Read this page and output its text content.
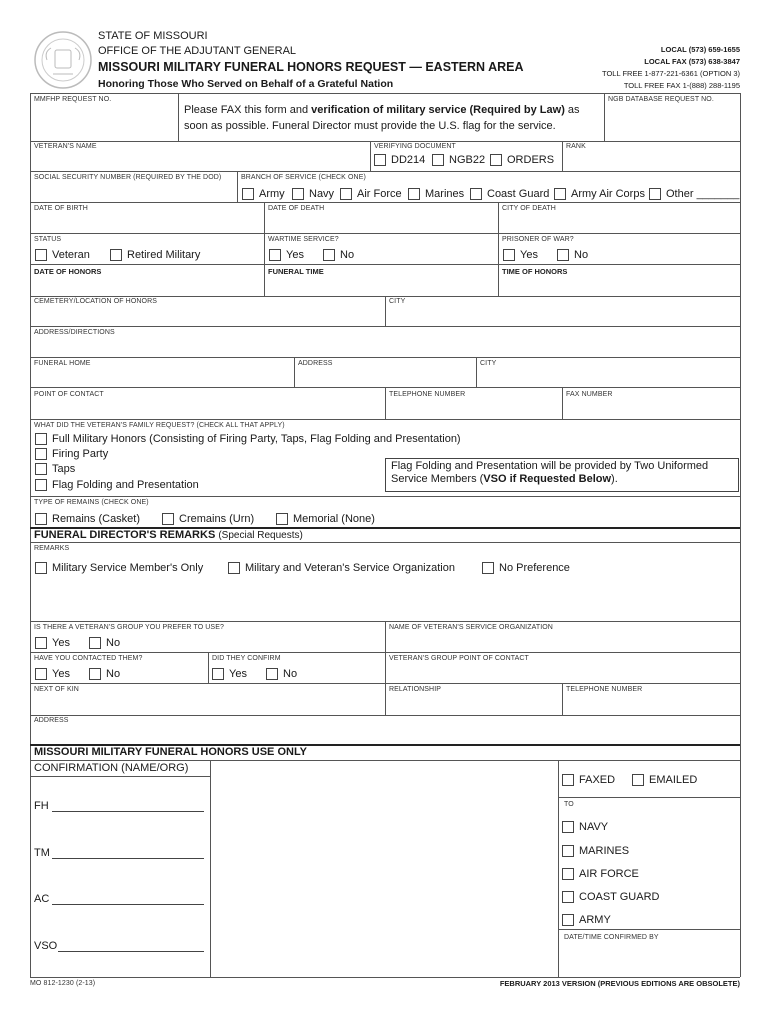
STATE OF MISSOURI
OFFICE OF THE ADJUTANT GENERAL
MISSOURI MILITARY FUNERAL HONORS REQUEST — EASTERN AREA
Honoring Those Who Served on Behalf of a Grateful Nation
LOCAL (573) 659-1655
LOCAL FAX (573) 638-3847
TOLL FREE 1-877-221-6361 (OPTION 3)
TOLL FREE FAX 1-(888) 288-1195
MMFHP REQUEST NO.
Please FAX this form and verification of military service (Required by Law) as
soon as possible. Funeral Director must provide the U.S. flag for the service.
NGB DATABASE REQUEST NO.
VETERAN'S NAME	VERIFYING DOCUMENT
DD214 NGB22 ORDERS
RANK
SOCIAL SECURITY NUMBER (REQUIRED BY THE DOD)	BRANCH OF SERVICE (CHECK ONE)
Army Navy Air Force Marines Coast Guard Army Air Corps Other _______
DATE OF BIRTH	DATE OF DEATH	CITY OF DEATH
STATUS
Veteran	Retired Military
WARTIME SERVICE?
Yes	No
PRISONER OF WAR?
Yes	No
DATE OF HONORS	FUNERAL TIME	TIME OF HONORS
CEMETERY/LOCATION OF HONORS	CITY
ADDRESS/DIRECTIONS
FUNERAL HOME	ADDRESS	CITY
POINT OF CONTACT	TELEPHONE NUMBER	FAX NUMBER
WHAT DID THE VETERAN'S FAMILY REQUEST? (CHECK ALL THAT APPLY)
Full Military Honors (Consisting of Firing Party, Taps, Flag Folding and Presentation)
Firing Party
Taps
Flag Folding and Presentation
Flag Folding and Presentation will be provided by Two Uniformed
Service Members (VSO if Requested Below).
TYPE OF REMAINS (CHECK ONE)
Remains (Casket)	Cremains (Urn)	Memorial (None)
FUNERAL DIRECTOR'S REMARKS (Special Requests)
REMARKS
Military Service Member's Only	Military and Veteran's Service Organization	No Preference
IS THERE A VETERAN'S GROUP YOU PREFER TO USE?
Yes	No
NAME OF VETERAN'S SERVICE ORGANIZATION
HAVE YOU CONTACTED THEM?
Yes	No
DID THEY CONFIRM
Yes	No
VETERAN'S GROUP POINT OF CONTACT
NEXT OF KIN	RELATIONSHIP	TELEPHONE NUMBER
ADDRESS
MISSOURI MILITARY FUNERAL HONORS USE ONLY
CONFIRMATION (NAME/ORG)
FH
TM
AC
VSO
FAXED	EMAILED
TO
NAVY
MARINES
AIR FORCE
COAST GUARD
ARMY
DATE/TIME CONFIRMED BY
MO 812-1230 (2-13)	FEBRUARY 2013 VERSION (PREVIOUS EDITIONS ARE OBSOLETE)
